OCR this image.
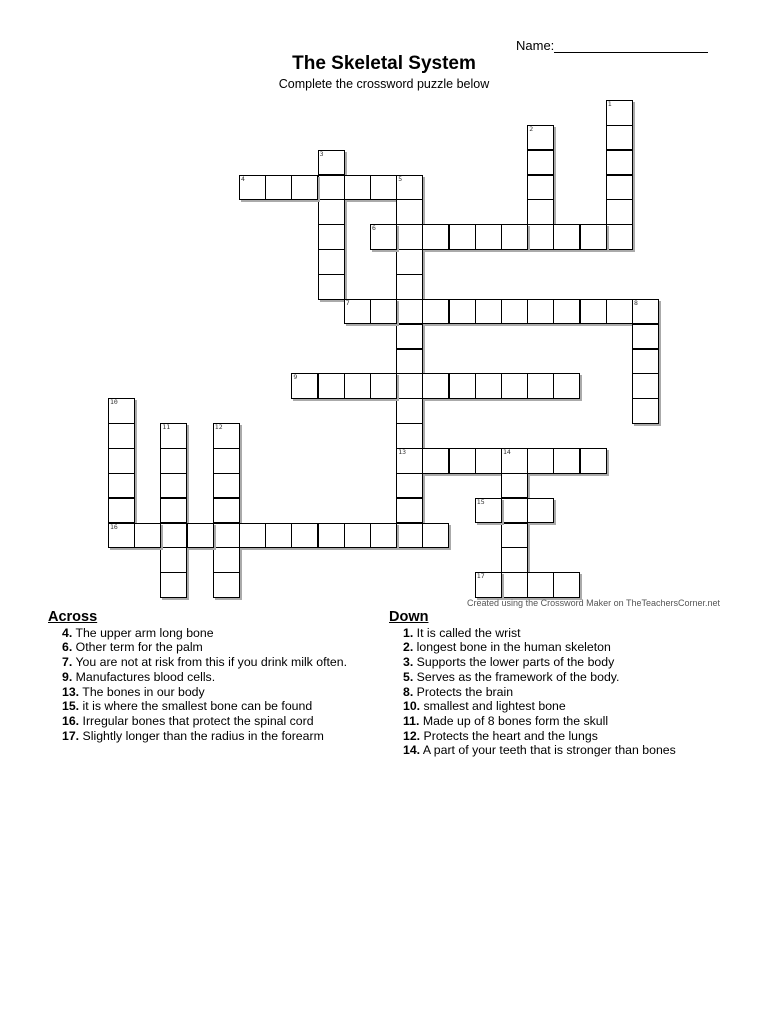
Name:
The Skeletal System
Complete the crossword puzzle below
1
2
3
4	5
13
6
7	8
9
10
16
11	12
14
15
17
Created using the Crossword Maker on TheTeachersCorner.net
Across
4. The upper arm long bone
6. Other term for the palm
7. You are not at risk from this if you drink milk often.
9. Manufactures blood cells.
13. The bones in our body
15. it is where the smallest bone can be found
16. Irregular bones that protect the spinal cord
17. Slightly longer than the radius in the forearm
Down
1. It is called the wrist
2. longest bone in the human skeleton
3. Supports the lower parts of the body
5. Serves as the framework of the body.
8. Protects the brain
10. smallest and lightest bone
11. Made up of 8 bones form the skull
12. Protects the heart and the lungs
14. A part of your teeth that is stronger than bones
